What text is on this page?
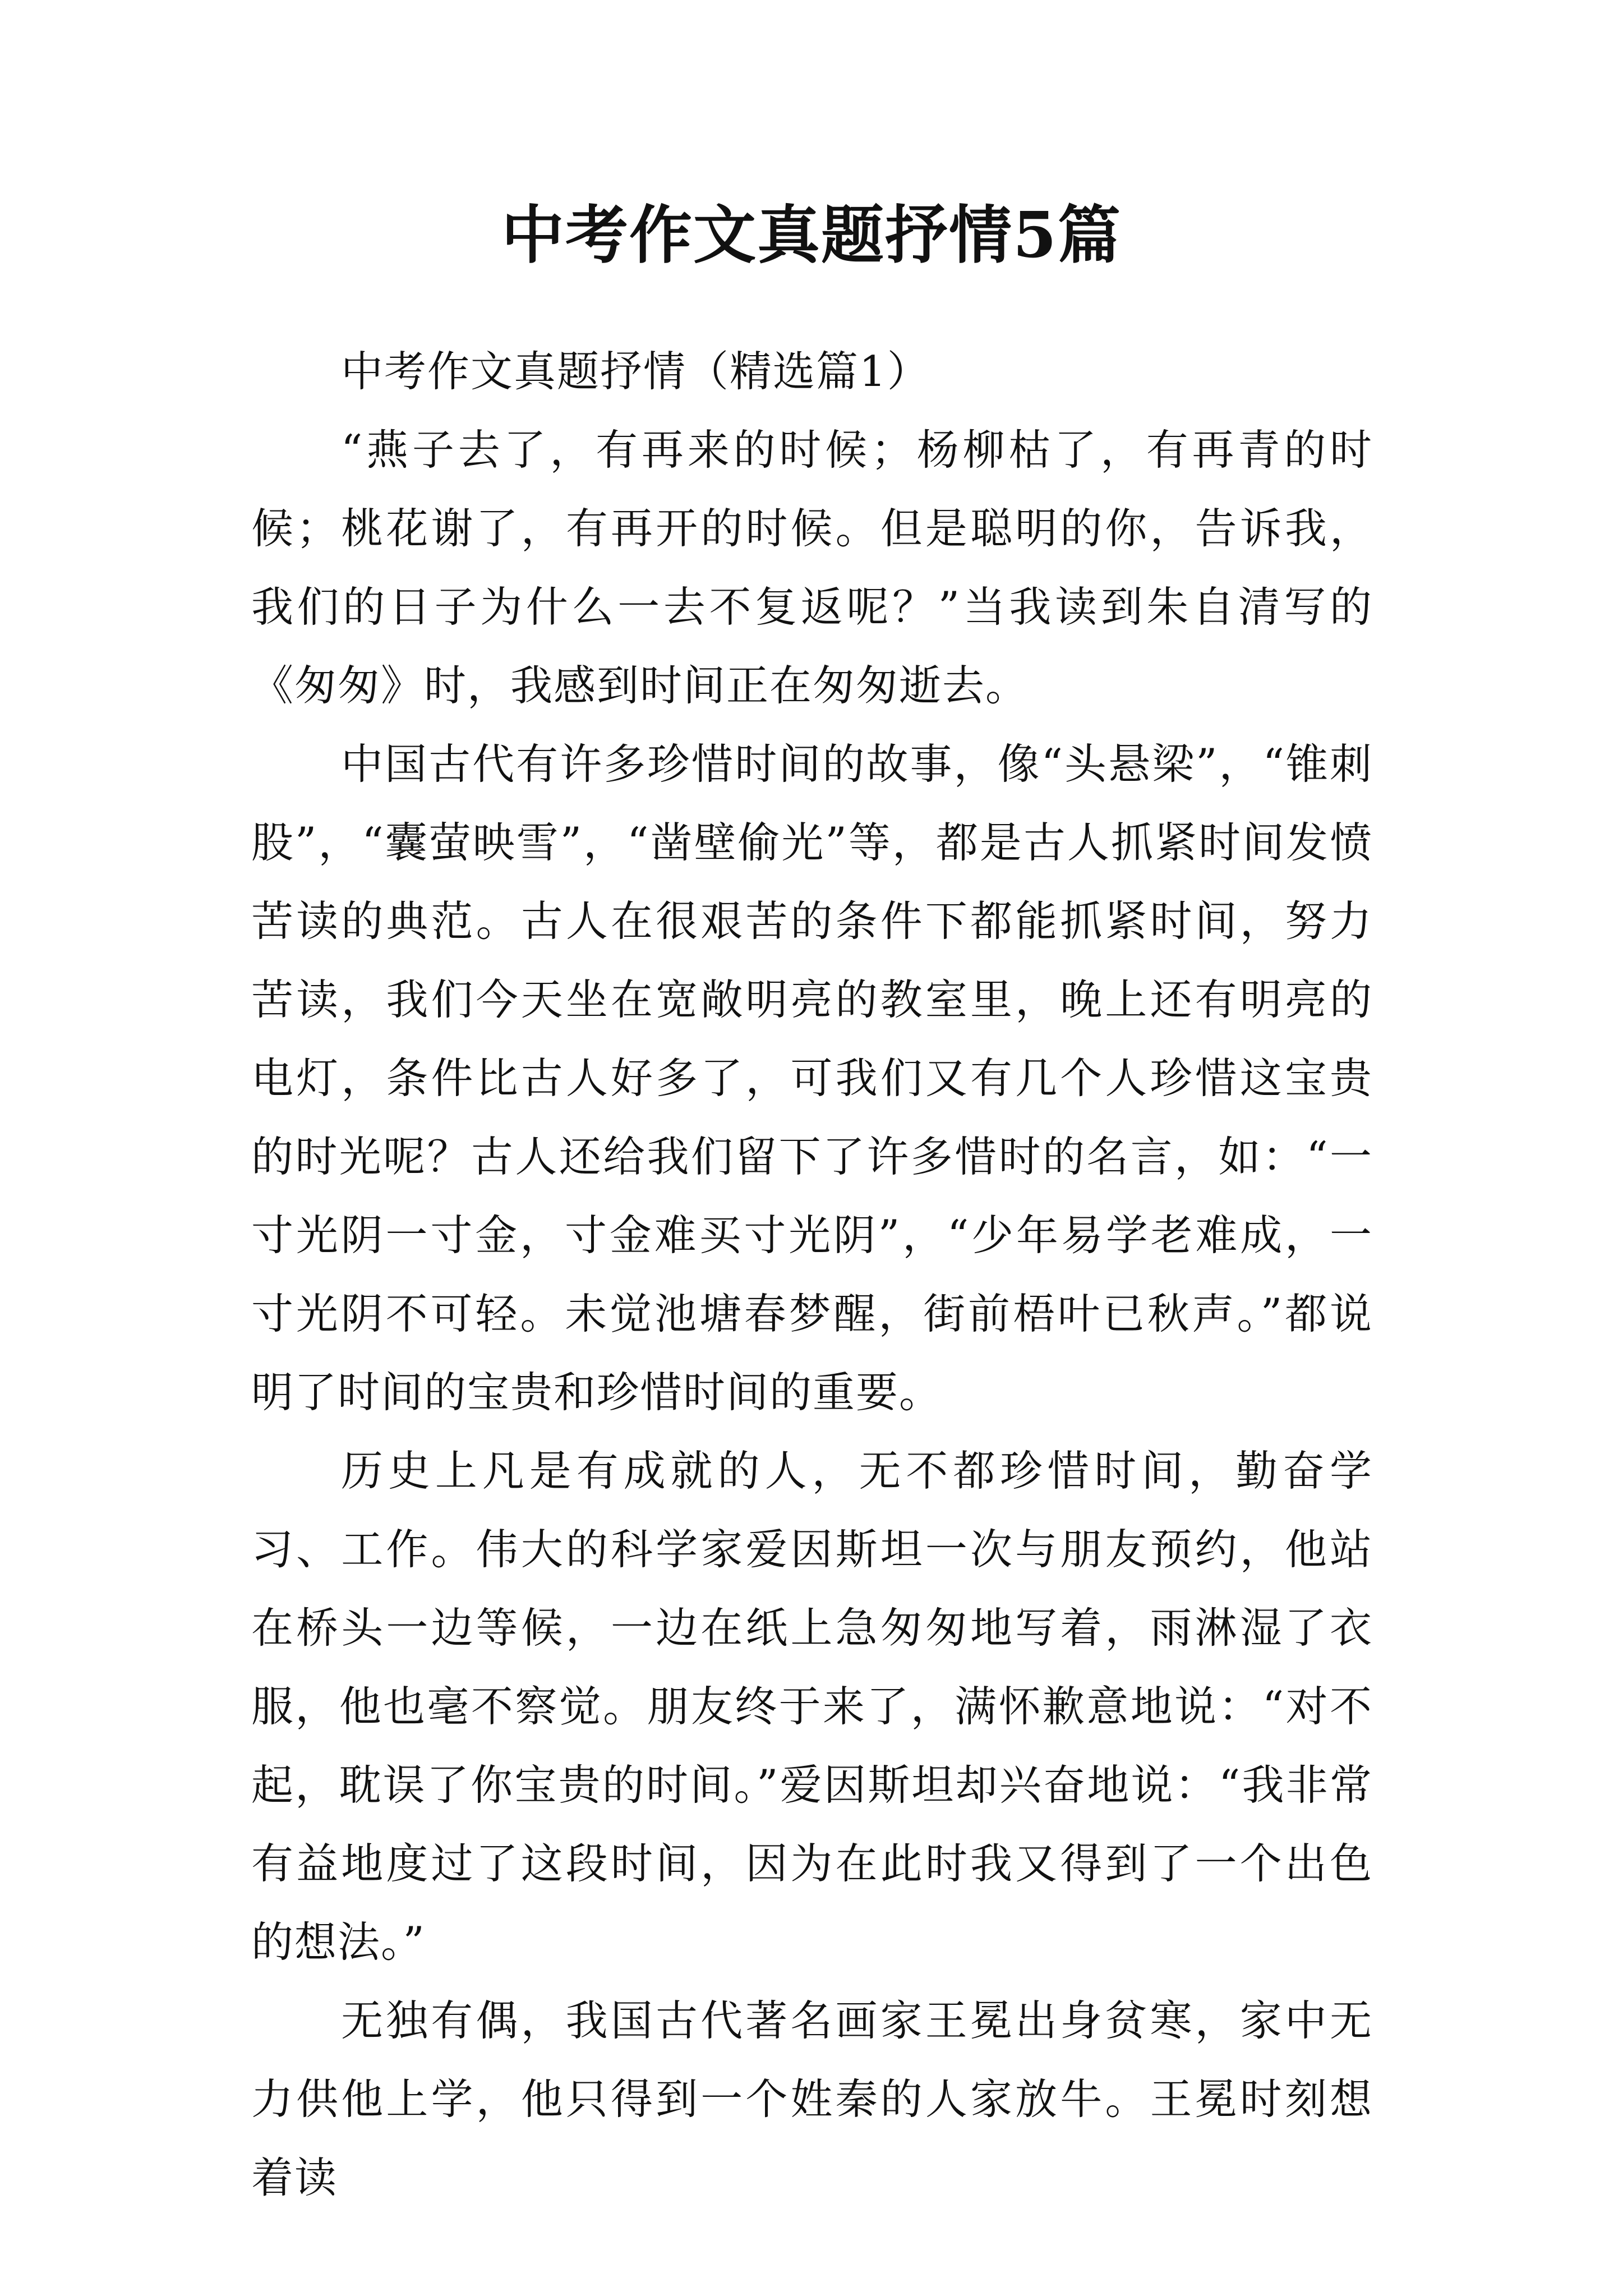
中考作文真题抒情5篇

中考作文真题抒情（精选篇1）

“燕子去了，有再来的时候；杨柳枯了，有再青的时候；桃花谢了，有再开的时候。但是聪明的你，告诉我，我们的日子为什么一去不复返呢？”当我读到朱自清写的《匆匆》时，我感到时间正在匆匆逝去。

中国古代有许多珍惜时间的故事，像“头悬梁”，“锥刺股”，“囊萤映雪”，“凿壁偷光”等，都是古人抓紧时间发愤苦读的典范。古人在很艰苦的条件下都能抓紧时间，努力苦读，我们今天坐在宽敞明亮的教室里，晚上还有明亮的电灯，条件比古人好多了，可我们又有几个人珍惜这宝贵的时光呢？古人还给我们留下了许多惜时的名言，如：“一寸光阴一寸金，寸金难买寸光阴”，“少年易学老难成，一寸光阴不可轻。未觉池塘春梦醒，街前梧叶已秋声。”都说明了时间的宝贵和珍惜时间的重要。

历史上凡是有成就的人，无不都珍惜时间，勤奋学习、工作。伟大的科学家爱因斯坦一次与朋友预约，他站在桥头一边等候，一边在纸上急匆匆地写着，雨淋湿了衣服，他也毫不察觉。朋友终于来了，满怀歉意地说：“对不起，耽误了你宝贵的时间。”爱因斯坦却兴奋地说：“我非常有益地度过了这段时间，因为在此时我又得到了一个出色的想法。”

无独有偶，我国古代著名画家王冕出身贫寒，家中无力供他上学，他只得到一个姓秦的人家放牛。王冕时刻想着读
